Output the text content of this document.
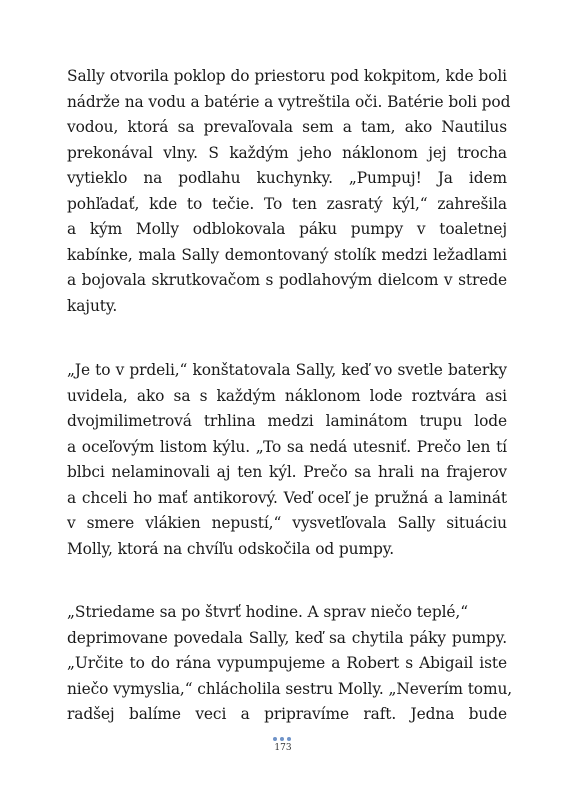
Sally otvorila poklop do priestoru pod kokpitom, kde boli
nádrže na vodu a batérie a vytreštila oči. Batérie boli pod
vodou, ktorá sa prevaľovala sem a tam, ako Nautilus
prekonával vlny. S každým jeho náklonom jej trocha
vytieklo na podlahu kuchynky. „Pumpuj! Ja idem
pohľadať, kde to tečie. To ten zasratý kýl,“ zahrešila
a kým Molly odblokovala páku pumpy v toaletnej
kabínke, mala Sally demontovaný stolík medzi ležadlami
a bojovala skrutkovačom s podlahovým dielcom v strede
kajuty.
„Je to v prdeli,“ konštatovala Sally, keď vo svetle baterky
uvidela, ako sa s každým náklonom lode roztvára asi
dvojmilimetrová trhlina medzi laminátom trupu lode
a oceľovým listom kýlu. „To sa nedá utesniť. Prečo len tí
blbci nelaminovali aj ten kýl. Prečo sa hrali na frajerov
a chceli ho mať antikorový. Veď oceľ je pružná a laminát
v smere vlákien nepustí,“ vysvetľovala Sally situáciu
Molly, ktorá na chvíľu odskočila od pumpy.
„Striedame sa po štvrť hodine. A sprav niečo teplé,“
deprimovane povedala Sally, keď sa chytila páky pumpy.
„Určite to do rána vypumpujeme a Robert s Abigail iste
niečo vymyslia,“ chlácholila sestru Molly. „Neverím tomu,
radšej balíme veci a pripravíme raft. Jedna bude
173
